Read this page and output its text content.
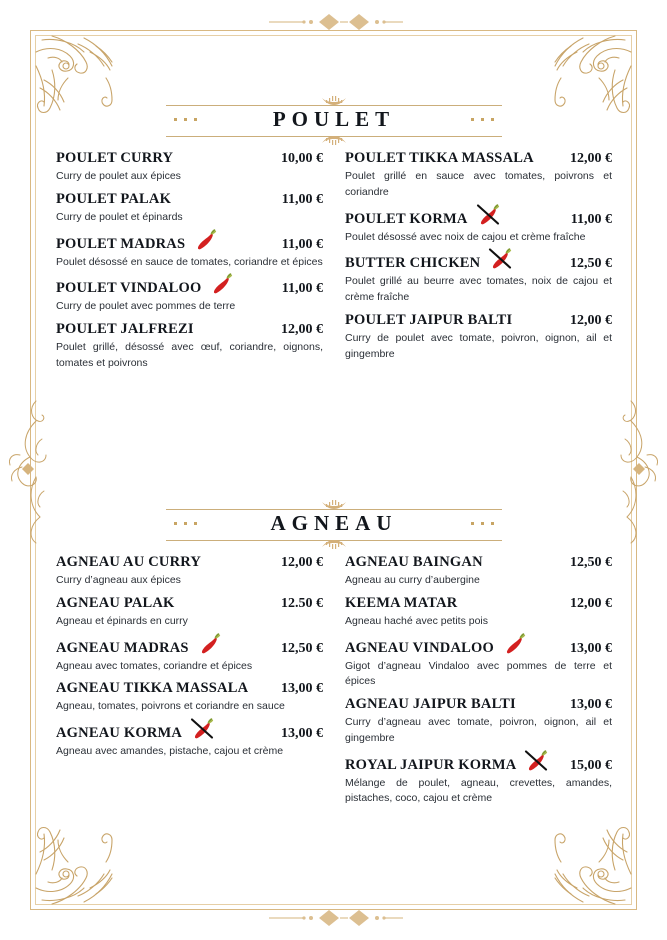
POULET
POULET CURRY	10,00 €
Curry de poulet aux épices
POULET PALAK	11,00 €
Curry de poulet et épinards
POULET MADRAS	11,00 €
Poulet désossé en sauce de tomates, coriandre et épices
POULET VINDALOO	11,00 €
Curry de poulet avec pommes de terre
POULET JALFREZI	12,00 €
Poulet grillé, désossé avec œuf, coriandre, oignons, tomates et poivrons
POULET TIKKA MASSALA	12,00 €
Poulet grillé en sauce avec tomates, poivrons et coriandre
POULET KORMA	11,00 €
Poulet désossé avec noix de cajou et crème fraîche
BUTTER CHICKEN	12,50 €
Poulet grillé au beurre avec tomates, noix de cajou et crème fraîche
POULET JAIPUR BALTI	12,00 €
Curry de poulet avec tomate, poivron, oignon, ail et gingembre
AGNEAU
AGNEAU AU CURRY	12,00 €
Curry d’agneau aux épices
AGNEAU PALAK	12.50 €
Agneau et épinards en curry
AGNEAU MADRAS	12,50 €
Agneau avec tomates, coriandre et épices
AGNEAU TIKKA MASSALA 13,00 €
Agneau, tomates, poivrons et coriandre en sauce
AGNEAU KORMA	13,00 €
Agneau avec amandes, pistache, cajou et crème
AGNEAU BAINGAN	12,50 €
Agneau au curry d’aubergine
KEEMA MATAR	12,00 €
Agneau haché avec petits pois
AGNEAU VINDALOO	13,00 €
Gigot d’agneau Vindaloo avec pommes de terre et épices
AGNEAU JAIPUR BALTI	13,00 €
Curry d’agneau avec tomate, poivron, oignon, ail et gingembre
ROYAL JAIPUR KORMA	15,00 €
Mélange de poulet, agneau, crevettes, amandes, pistaches, coco, cajou et crème
